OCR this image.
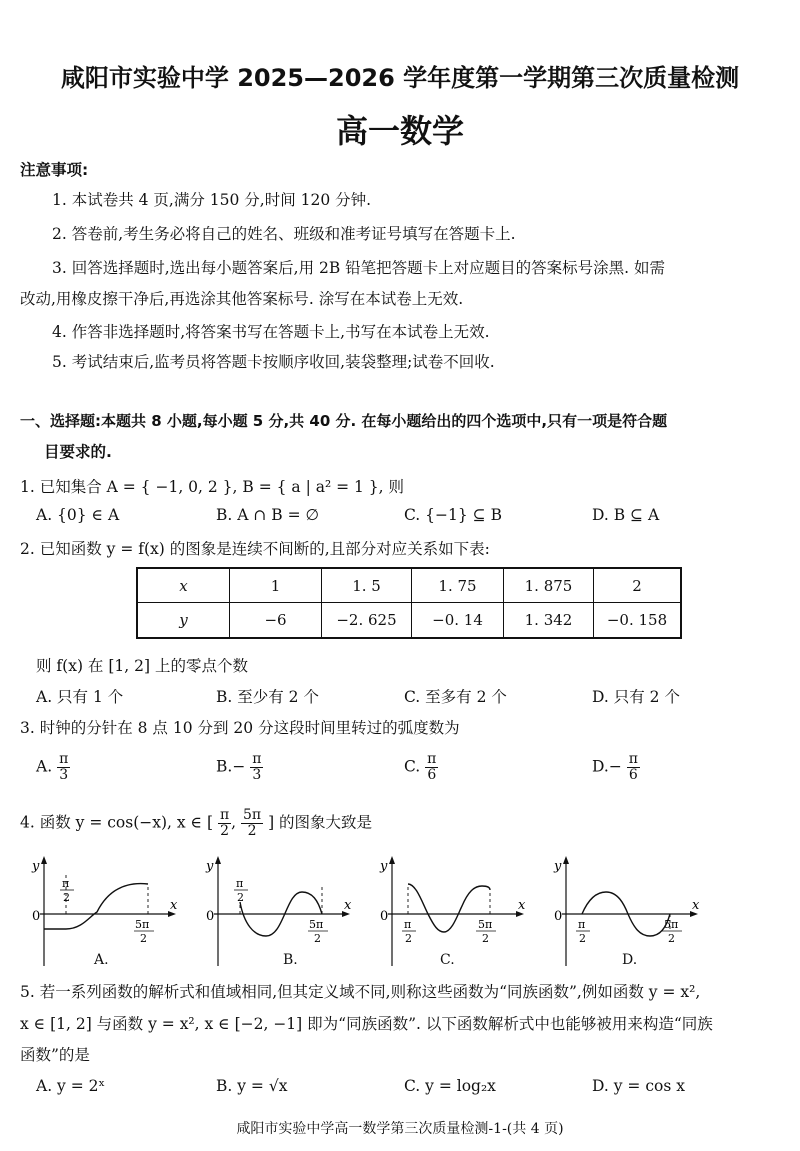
咸阳市实验中学 2025—2026 学年度第一学期第三次质量检测
高一数学
注意事项:
1. 本试卷共 4 页,满分 150 分,时间 120 分钟.
2. 答卷前,考生务必将自己的姓名、班级和准考证号填写在答题卡上.
3. 回答选择题时,选出每小题答案后,用 2B 铅笔把答题卡上对应题目的答案标号涂黑. 如需
改动,用橡皮擦干净后,再选涂其他答案标号. 涂写在本试卷上无效.
4. 作答非选择题时,将答案书写在答题卡上,书写在本试卷上无效.
5. 考试结束后,监考员将答题卡按顺序收回,装袋整理;试卷不回收.
一、选择题:本题共 8 小题,每小题 5 分,共 40 分. 在每小题给出的四个选项中,只有一项是符合题
目要求的.
1. 已知集合 A = { −1, 0, 2 }, B = { a | a² = 1 }, 则
A. {0} ∈ A	B. A ∩ B = ∅	C. {−1} ⊆ B	D. B ⊆ A
2. 已知函数 y = f(x) 的图象是连续不间断的,且部分对应关系如下表:
x	1	1. 5	1. 75	1. 875	2
y	−6	−2. 625	−0. 14	1. 342	−0. 158
则 f(x) 在 [1, 2] 上的零点个数
A. 只有 1 个	B. 至少有 2 个	C. 至多有 2 个	D. 只有 2 个
3. 时钟的分针在 8 点 10 分到 20 分这段时间里转过的弧度数为
A. $\frac{\pi}{3}$	$B.- \frac{\pi}{3}$	C. $\frac{\pi}{6}$	$D.- \frac{\pi}{6}$
4. 函数 y = cos(−x), x ∈ [ $\frac{\pi}{2}$ , $\frac{5\pi}{2}$ ] 的图象大致是
y
x
0
π
2
5π
2
A.
y
x
0
π
2
5π
2
B.
y
x
0
π
2
5π
2
C.
y
x
0
π
2
5π
2
D.
5. 若一系列函数的解析式和值域相同,但其定义域不同,则称这些函数为“同族函数”,例如函数 y = x²,
x ∈ [1, 2] 与函数 y = x², x ∈ [−2, −1] 即为“同族函数”. 以下函数解析式中也能够被用来构造“同族
函数”的是
A. y = 2ˣ	B. y = √x	C. y = log₂x	D. y = cos x
咸阳市实验中学高一数学第三次质量检测-1-(共 4 页)
